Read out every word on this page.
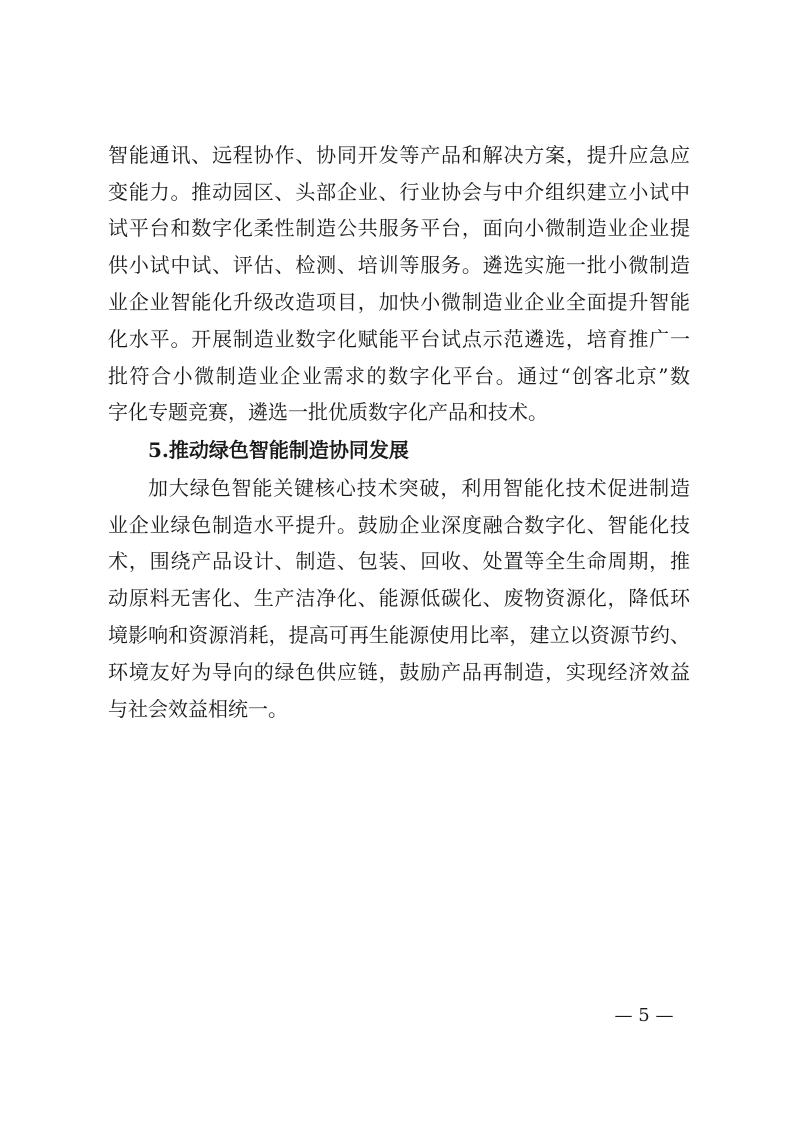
智能通讯、远程协作、协同开发等产品和解决方案，提升应急应
变能力。推动园区、头部企业、行业协会与中介组织建立小试中
试平台和数字化柔性制造公共服务平台，面向小微制造业企业提
供小试中试、评估、检测、培训等服务。遴选实施一批小微制造
业企业智能化升级改造项目，加快小微制造业企业全面提升智能
化水平。开展制造业数字化赋能平台试点示范遴选，培育推广一
批符合小微制造业企业需求的数字化平台。通过“创客北京”数
字化专题竞赛，遴选一批优质数字化产品和技术。
5.推动绿色智能制造协同发展
加大绿色智能关键核心技术突破，利用智能化技术促进制造
业企业绿色制造水平提升。鼓励企业深度融合数字化、智能化技
术，围绕产品设计、制造、包装、回收、处置等全生命周期，推
动原料无害化、生产洁净化、能源低碳化、废物资源化，降低环
境影响和资源消耗，提高可再生能源使用比率，建立以资源节约、
环境友好为导向的绿色供应链，鼓励产品再制造，实现经济效益
与社会效益相统一。
— 5 —
